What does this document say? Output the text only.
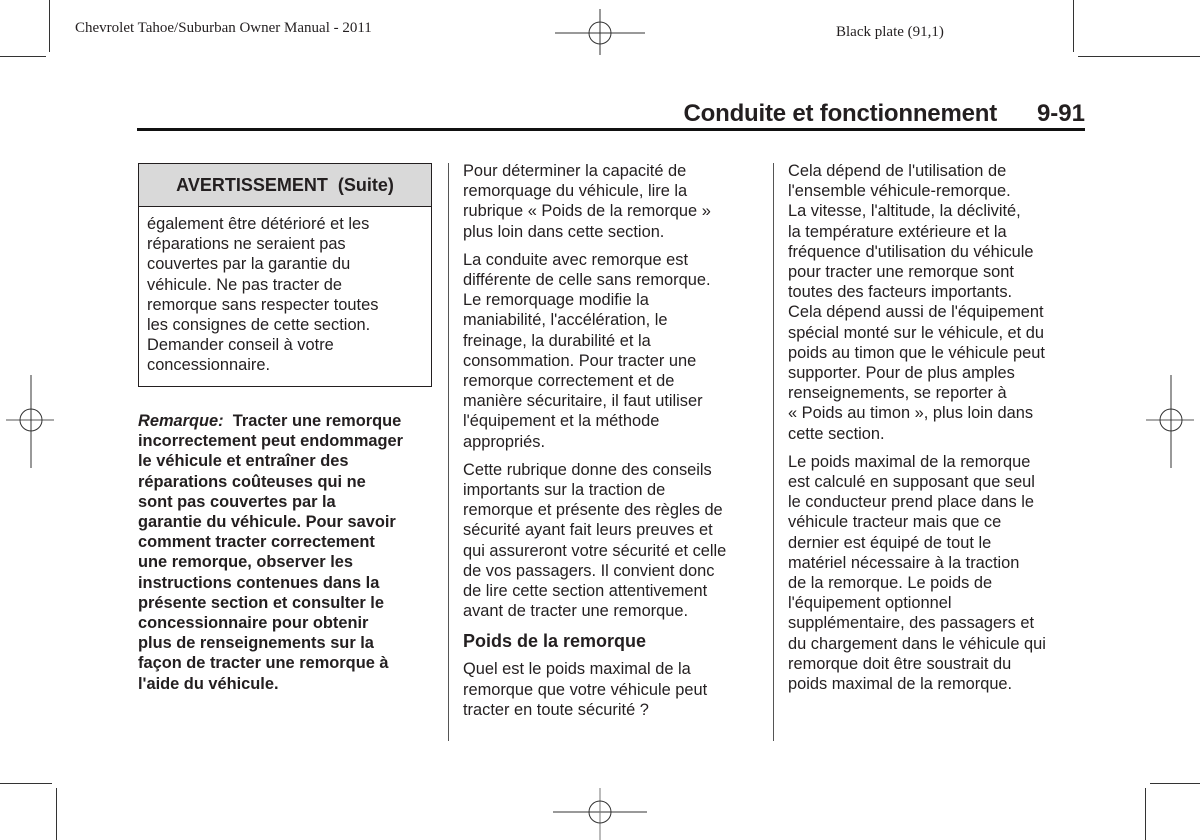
Chevrolet Tahoe/Suburban Owner Manual - 2011	Black plate (91,1)
Conduite et fonctionnement 9-91
AVERTISSEMENT  (Suite)
également être détérioré et les
réparations ne seraient pas
couvertes par la garantie du
véhicule. Ne pas tracter de
remorque sans respecter toutes
les consignes de cette section.
Demander conseil à votre
concessionnaire.
Remarque: Tracter une remorque
incorrectement peut endommager
le véhicule et entraîner des
réparations coûteuses qui ne
sont pas couvertes par la
garantie du véhicule. Pour savoir
comment tracter correctement
une remorque, observer les
instructions contenues dans la
présente section et consulter le
concessionnaire pour obtenir
plus de renseignements sur la
façon de tracter une remorque à
l'aide du véhicule.

Pour déterminer la capacité de
remorquage du véhicule, lire la
rubrique « Poids de la remorque »
plus loin dans cette section.

La conduite avec remorque est
différente de celle sans remorque.
Le remorquage modifie la
maniabilité, l'accélération, le
freinage, la durabilité et la
consommation. Pour tracter une
remorque correctement et de
manière sécuritaire, il faut utiliser
l'équipement et la méthode
appropriés.

Cette rubrique donne des conseils
importants sur la traction de
remorque et présente des règles de
sécurité ayant fait leurs preuves et
qui assureront votre sécurité et celle
de vos passagers. Il convient donc
de lire cette section attentivement
avant de tracter une remorque.

Poids de la remorque

Quel est le poids maximal de la
remorque que votre véhicule peut
tracter en toute sécurité ?

Cela dépend de l'utilisation de
l'ensemble véhicule-remorque.
La vitesse, l'altitude, la déclivité,
la température extérieure et la
fréquence d'utilisation du véhicule
pour tracter une remorque sont
toutes des facteurs importants.
Cela dépend aussi de l'équipement
spécial monté sur le véhicule, et du
poids au timon que le véhicule peut
supporter. Pour de plus amples
renseignements, se reporter à
« Poids au timon », plus loin dans
cette section.

Le poids maximal de la remorque
est calculé en supposant que seul
le conducteur prend place dans le
véhicule tracteur mais que ce
dernier est équipé de tout le
matériel nécessaire à la traction
de la remorque. Le poids de
l'équipement optionnel
supplémentaire, des passagers et
du chargement dans le véhicule qui
remorque doit être soustrait du
poids maximal de la remorque.
